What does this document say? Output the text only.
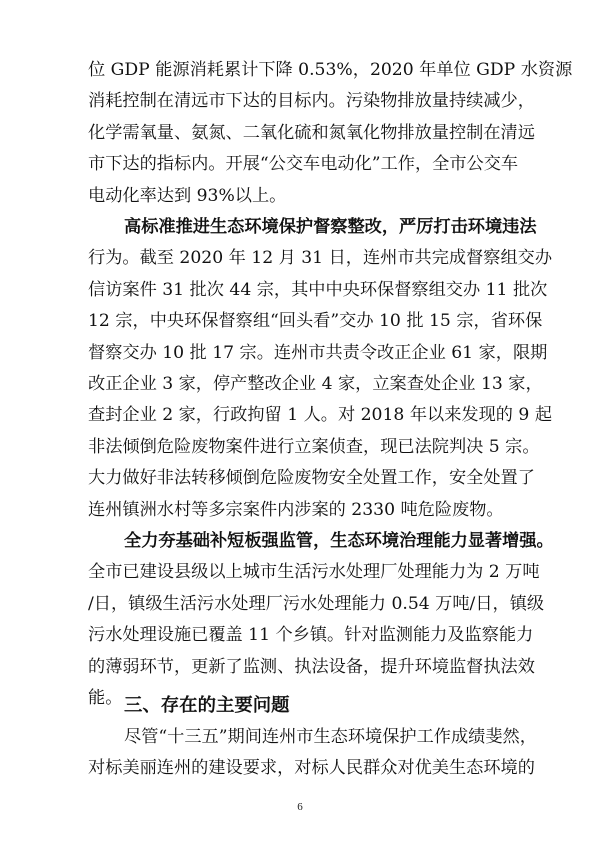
位 GDP 能源消耗累计下降 0.53%，2020 年单位 GDP 水资源
消耗控制在清远市下达的目标内。污染物排放量持续减少，
化学需氧量、氨氮、二氧化硫和氮氧化物排放量控制在清远
市下达的指标内。开展“公交车电动化”工作，全市公交车
电动化率达到 93%以上。
高标准推进生态环境保护督察整改，严厉打击环境违法
行为。截至 2020 年 12 月 31 日，连州市共完成督察组交办
信访案件 31 批次 44 宗，其中中央环保督察组交办 11 批次
12 宗，中央环保督察组“回头看”交办 10 批 15 宗，省环保
督察交办 10 批 17 宗。连州市共责令改正企业 61 家，限期
改正企业 3 家，停产整改企业 4 家，立案查处企业 13 家，
查封企业 2 家，行政拘留 1 人。对 2018 年以来发现的 9 起
非法倾倒危险废物案件进行立案侦查，现已法院判决 5 宗。
大力做好非法转移倾倒危险废物安全处置工作，安全处置了
连州镇洲水村等多宗案件内涉案的 2330 吨危险废物。
全力夯基础补短板强监管，生态环境治理能力显著增强。
全市已建设县级以上城市生活污水处理厂处理能力为 2 万吨
/日，镇级生活污水处理厂污水处理能力 0.54 万吨/日，镇级
污水处理设施已覆盖 11 个乡镇。针对监测能力及监察能力
的薄弱环节，更新了监测、执法设备，提升环境监督执法效
能。 三、存在的主要问题
尽管“十三五”期间连州市生态环境保护工作成绩斐然，
对标美丽连州的建设要求，对标人民群众对优美生态环境的
6
